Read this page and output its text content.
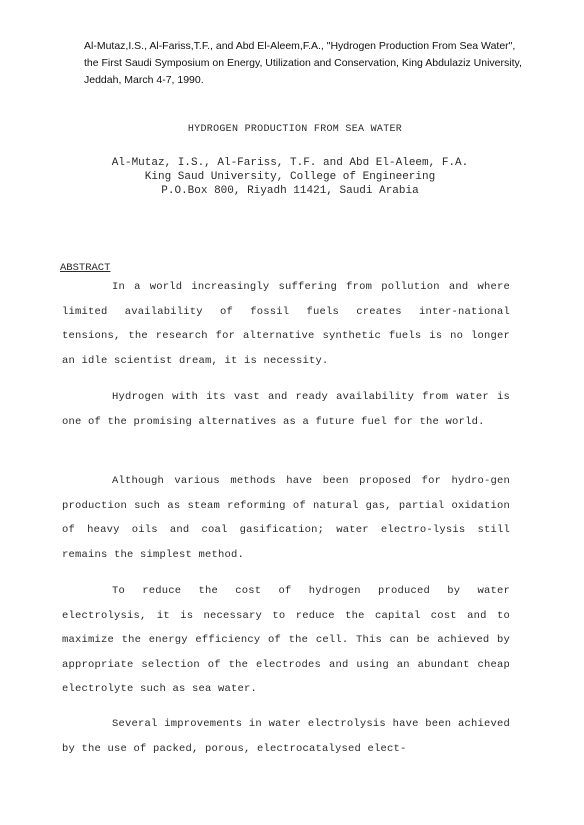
Al-Mutaz,I.S., Al-Fariss,T.F., and Abd El-Aleem,F.A., "Hydrogen Production From Sea Water", the First Saudi Symposium on Energy, Utilization and Conservation, King Abdulaziz University, Jeddah, March 4-7, 1990.
HYDROGEN PRODUCTION FROM SEA WATER
Al-Mutaz, I.S., Al-Fariss, T.F. and Abd El-Aleem, F.A.
King Saud University, College of Engineering
P.O.Box 800, Riyadh 11421, Saudi Arabia
ABSTRACT
In a world increasingly suffering from pollution and where limited availability of fossil fuels creates inter-national tensions, the research for alternative synthetic fuels is no longer an idle scientist dream, it is necessity.
Hydrogen with its vast and ready availability from water is one of the promising alternatives as a future fuel for the world.
Although various methods have been proposed for hydro-gen production such as steam reforming of natural gas, partial oxidation of heavy oils and coal gasification; water electro-lysis still remains the simplest method.
To reduce the cost of hydrogen produced by water electrolysis, it is necessary to reduce the capital cost and to maximize the energy efficiency of the cell. This can be achieved by appropriate selection of the electrodes and using an abundant cheap electrolyte such as sea water.
Several improvements in water electrolysis have been achieved by the use of packed, porous, electrocatalysed elect-
